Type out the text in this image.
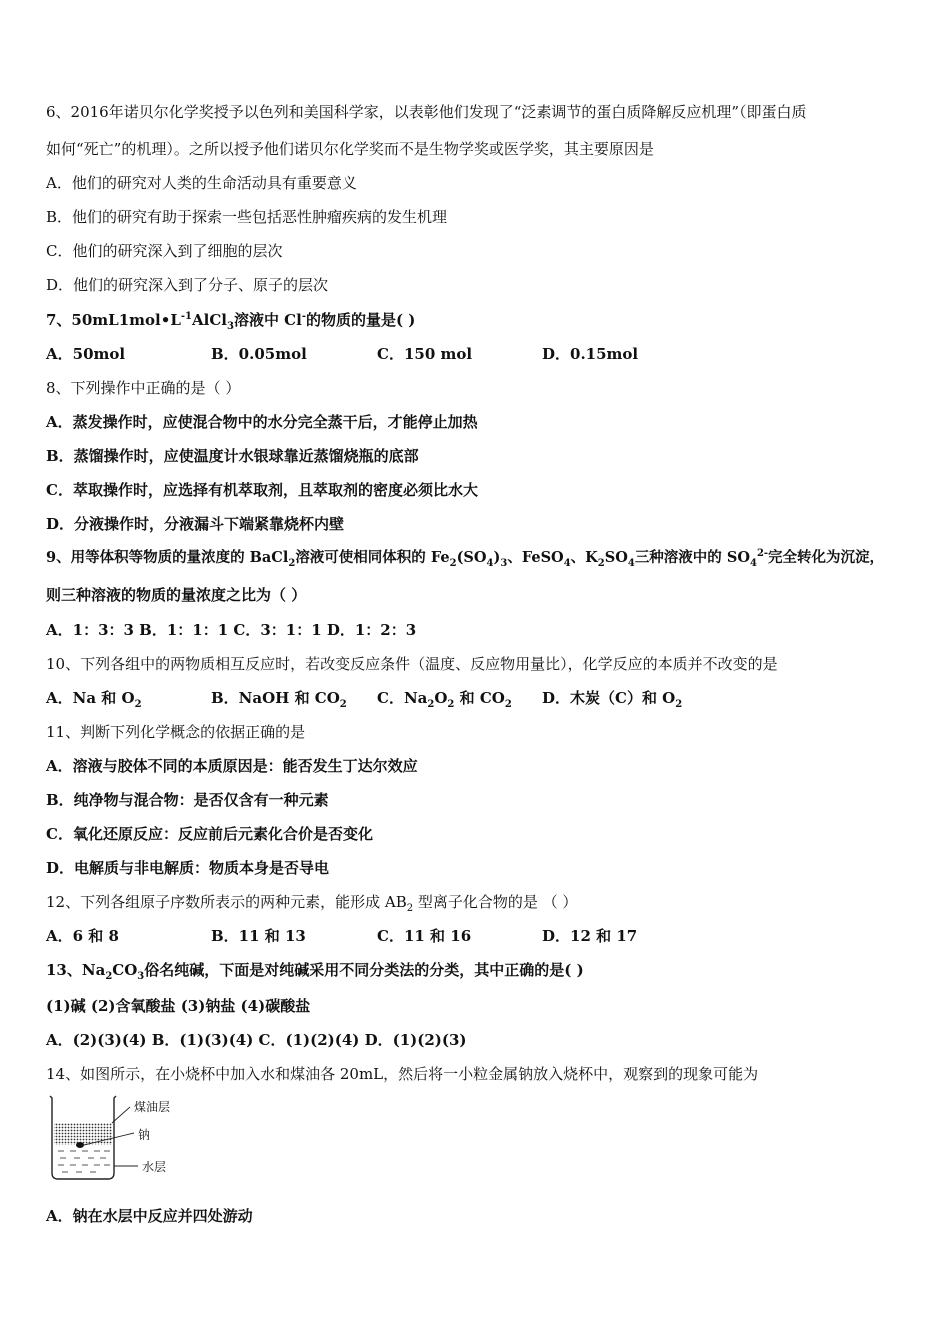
6、2016年诺贝尔化学奖授予以色列和美国科学家，以表彰他们发现了“泛素调节的蛋白质降解反应机理”（即蛋白质
如何“死亡”的机理）。之所以授予他们诺贝尔化学奖而不是生物学奖或医学奖，其主要原因是
A．他们的研究对人类的生命活动具有重要意义
B．他们的研究有助于探索一些包括恶性肿瘤疾病的发生机理
C．他们的研究深入到了细胞的层次
D．他们的研究深入到了分子、原子的层次
7、$50mL1mol•L^{-1}AlCl_3$溶液中 Cl-的物质的量是( )
A．50mol	B．0.05mol	C．150 mol	D．0.15mol
8、下列操作中正确的是（ ）
A．蒸发操作时，应使混合物中的水分完全蒸干后，才能停止加热
B．蒸馏操作时，应使温度计水银球靠近蒸馏烧瓶的底部
C．萃取操作时，应选择有机萃取剂，且萃取剂的密度必须比水大
D．分液操作时，分液漏斗下端紧靠烧杯内壁
9、用等体积等物质的量浓度的 BaCl$_2$溶液可使相同体积的 $Fe_2(SO_4)_3$、FeSO$_4$、$K_2SO_4$三种溶液中的 $SO_4^{2-}$完全转化为沉淀，
则三种溶液的物质的量浓度之比为（ ）
A．1：3：3 B．1：1：1 C．3：1：1 D．1：2：3
10、下列各组中的两物质相互反应时，若改变反应条件（温度、反应物用量比），化学反应的本质并不改变的是
A．Na 和 $O_2$	B．NaOH 和 $CO_2$ C．$Na_2O_2$ 和 $CO_2$ D．木炭（C）和 $O_2$
11、判断下列化学概念的依据正确的是
A．溶液与胶体不同的本质原因是：能否发生丁达尔效应
B．纯净物与混合物：是否仅含有一种元素
C．氧化还原反应：反应前后元素化合价是否变化
D．电解质与非电解质：物质本身是否导电
12、下列各组原子序数所表示的两种元素，能形成 $AB_2$ 型离子化合物的是 （ ）
A．6 和 8	B．11 和 13	C．11 和 16	D．12 和 17
13、$Na_2CO_3$俗名纯碱，下面是对纯碱采用不同分类法的分类，其中正确的是( )
(1)碱 (2)含氧酸盐 (3)钠盐 (4)碳酸盐
A．(2)(3)(4) B．(1)(3)(4) C．(1)(2)(4) D．(1)(2)(3)
14、如图所示，在小烧杯中加入水和煤油各 20mL，然后将一小粒金属钠放入烧杯中，观察到的现象可能为
煤油层
钠
水层
A．钠在水层中反应并四处游动
